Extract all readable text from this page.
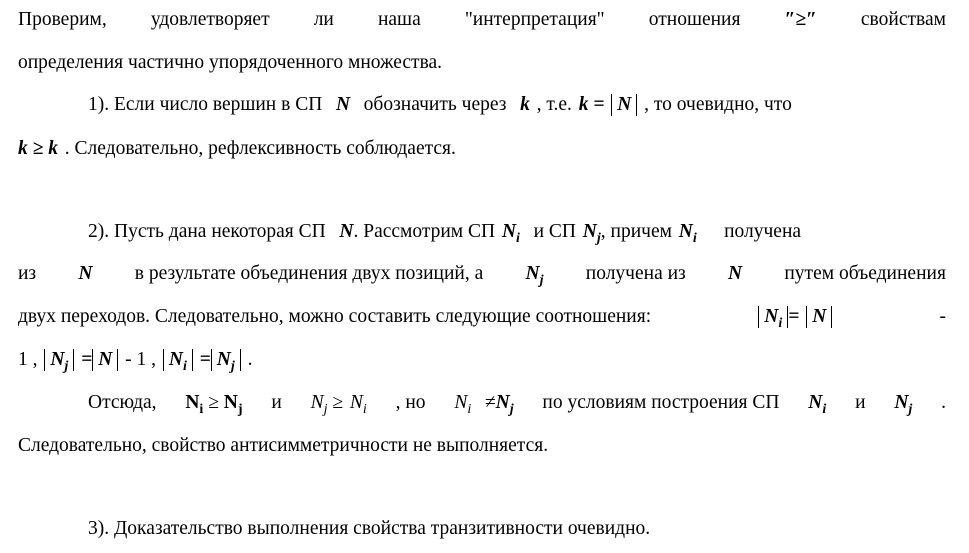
Проверим, удовлетворяет ли наша "интерпретация" отношения ″≥″ свойствам
определения частично упорядоченного множества.
1). Если число вершин в СП N обозначить через k , т.е. k = N , то очевидно, что
k ≥ k . Следовательно, рефлексивность соблюдается.
2). Пусть дана некоторая СП N. Рассмотрим СП $N_i$ и СП $N_j$, причем $N_i$ получена
из N в результате объединения двух позиций, а $N_j$ получена из N путем объединения
двух переходов. Следовательно, можно составить следующие соотношения:	$N_i = N$	-
1 , $N_j = N - 1$ , $N_i = N_j$ .
Отсюда, $N_i \ge N_j$ и $N_j \ge N_i$ , но $N_i \ne N_j$ по условиям построения СП $N_i$ и $N_j$ .
Следовательно, свойство антисимметричности не выполняется.
3). Доказательство выполнения свойства транзитивности очевидно.
